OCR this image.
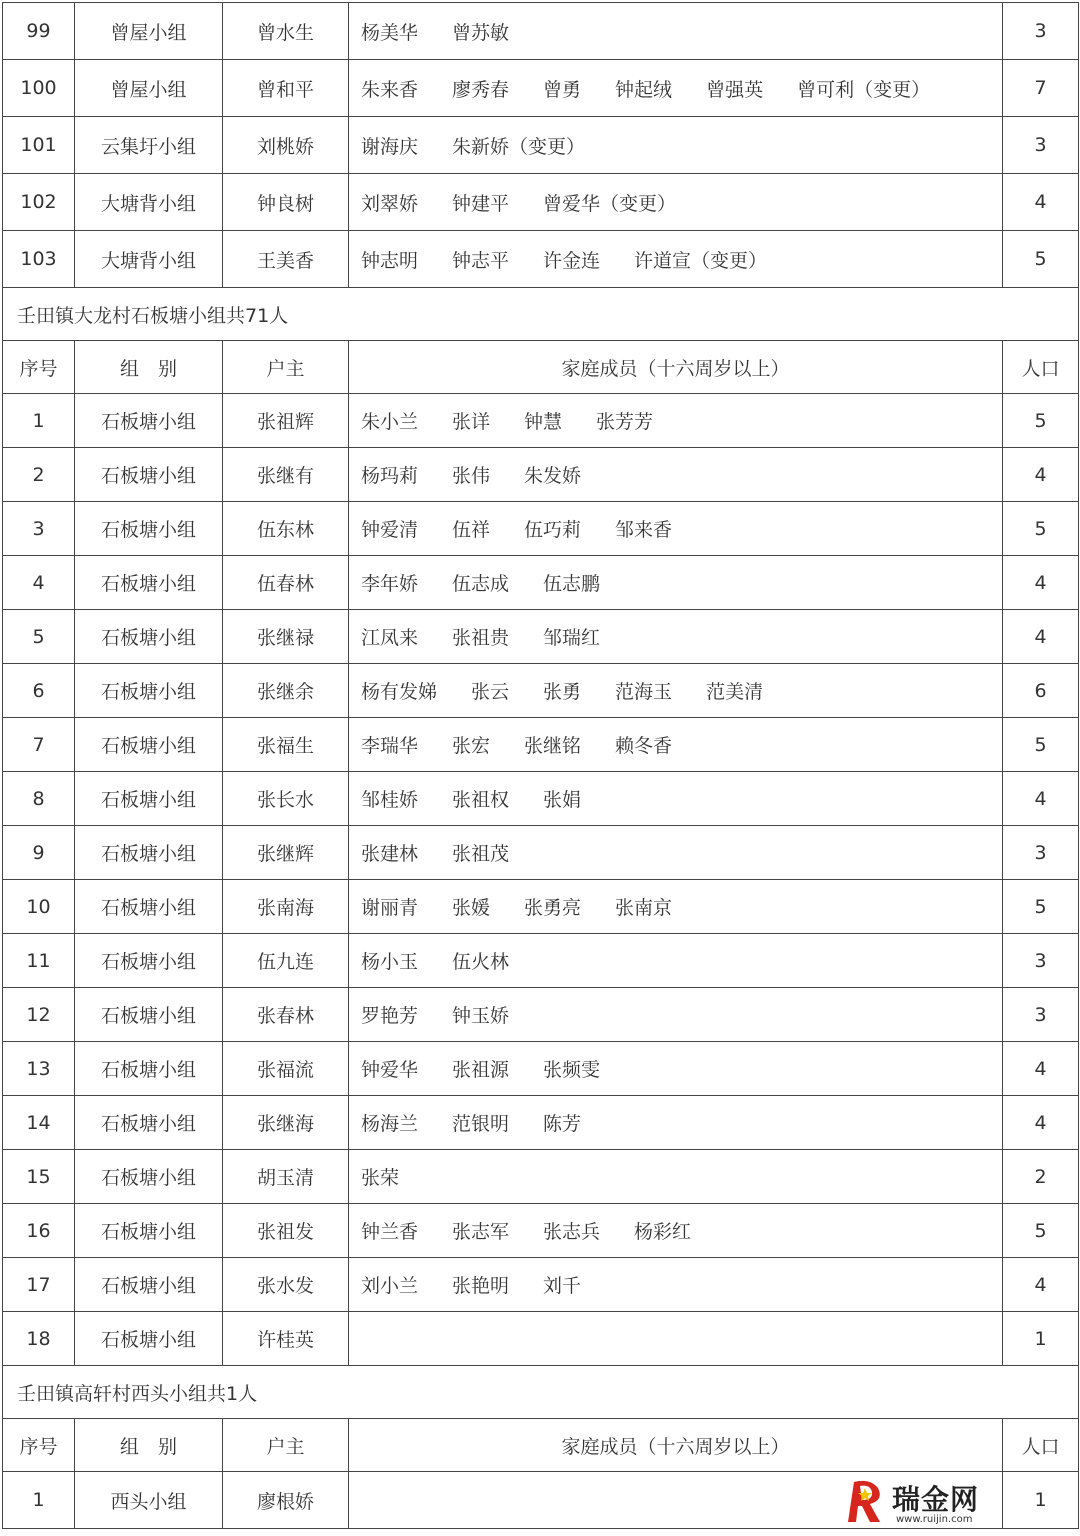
99	曾屋小组	曾水生	杨美华 曾苏敏	3
100	曾屋小组	曾和平	朱来香 廖秀春 曾勇 钟起绒 曾强英 曾可利（变更）	7
101	云集圩小组	刘桃娇	谢海庆 朱新娇（变更）	3
102	大塘背小组	钟良树	刘翠娇 钟建平 曾爱华（变更）	4
103	大塘背小组	王美香	钟志明 钟志平 许金连 许道宣（变更）	5
壬田镇大龙村石板塘小组共71人				
序号	组　别	户主	家庭成员（十六周岁以上）	人口
1	石板塘小组	张祖辉	朱小兰 张详 钟慧 张芳芳	5
2	石板塘小组	张继有	杨玛莉 张伟 朱发娇	4
3	石板塘小组	伍东林	钟爱清 伍祥 伍巧莉 邹来香	5
4	石板塘小组	伍春林	李年娇 伍志成 伍志鹏	4
5	石板塘小组	张继禄	江凤来 张祖贵 邹瑞红	4
6	石板塘小组	张继余	杨有发娣 张云 张勇 范海玉 范美清	6
7	石板塘小组	张福生	李瑞华 张宏 张继铭 赖冬香	5
8	石板塘小组	张长水	邹桂娇 张祖权 张娟	4
9	石板塘小组	张继辉	张建林 张祖茂	3
10	石板塘小组	张南海	谢丽青 张媛 张勇亮 张南京	5
11	石板塘小组	伍九连	杨小玉 伍火林	3
12	石板塘小组	张春林	罗艳芳 钟玉娇	3
13	石板塘小组	张福流	钟爱华 张祖源 张频雯	4
14	石板塘小组	张继海	杨海兰 范银明 陈芳	4
15	石板塘小组	胡玉清	张荣	2
16	石板塘小组	张祖发	钟兰香 张志军 张志兵 杨彩红	5
17	石板塘小组	张水发	刘小兰 张艳明 刘千	4
18	石板塘小组	许桂英		1
壬田镇高轩村西头小组共1人				
序号	组　别	户主	家庭成员（十六周岁以上）	人口
1	西头小组	廖根娇		1
瑞金网
www.ruijin.com
